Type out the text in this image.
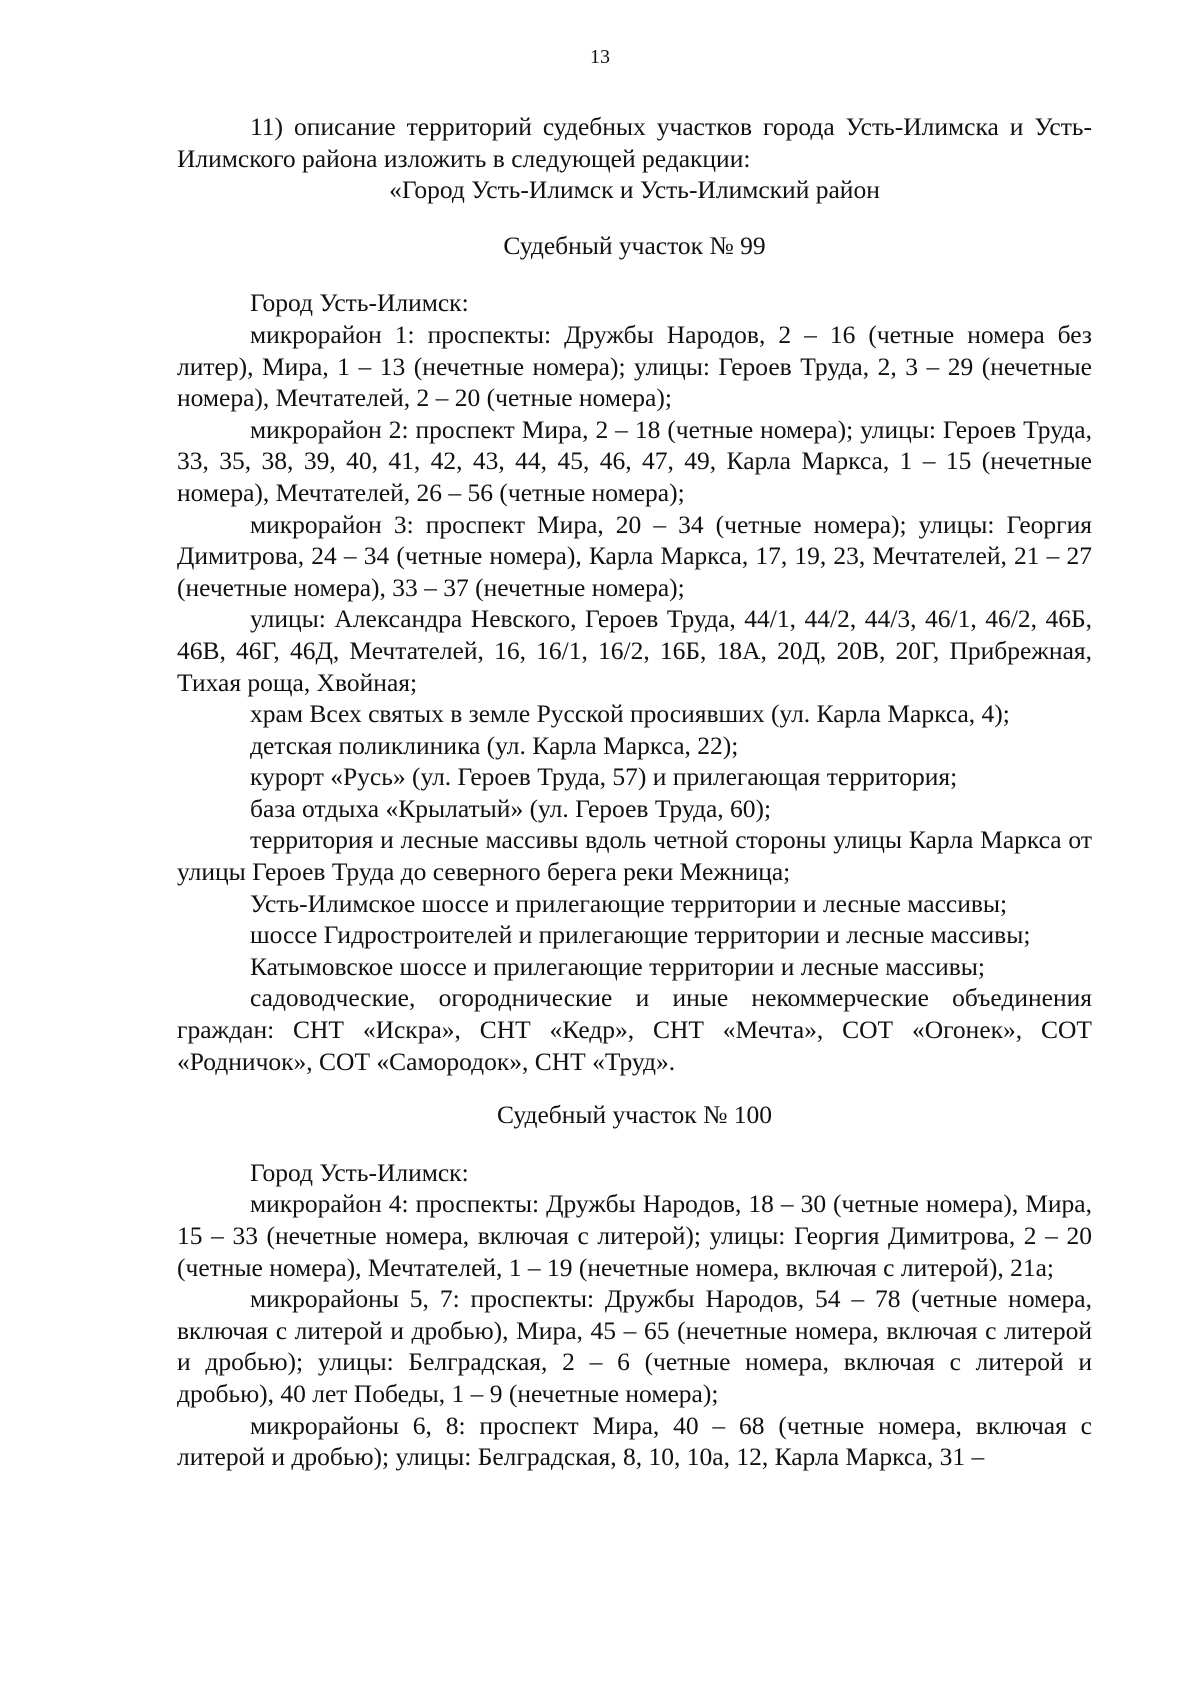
13

11) описание территорий судебных участков города Усть-Илимска и Усть-Илимского района изложить в следующей редакции:

«Город Усть-Илимск и Усть-Илимский район

Судебный участок № 99

Город Усть-Илимск:

микрорайон 1: проспекты: Дружбы Народов, 2 – 16 (четные номера без литер), Мира, 1 – 13 (нечетные номера); улицы: Героев Труда, 2, 3 – 29 (нечетные номера), Мечтателей, 2 – 20 (четные номера);

микрорайон 2: проспект Мира, 2 – 18 (четные номера); улицы: Героев Труда, 33, 35, 38, 39, 40, 41, 42, 43, 44, 45, 46, 47, 49, Карла Маркса, 1 – 15 (нечетные номера), Мечтателей, 26 – 56 (четные номера);

микрорайон 3: проспект Мира, 20 – 34 (четные номера); улицы: Георгия Димитрова, 24 – 34 (четные номера), Карла Маркса, 17, 19, 23, Мечтателей, 21 – 27 (нечетные номера), 33 – 37 (нечетные номера);

улицы: Александра Невского, Героев Труда, 44/1, 44/2, 44/3, 46/1, 46/2, 46Б, 46В, 46Г, 46Д, Мечтателей, 16, 16/1, 16/2, 16Б, 18А, 20Д, 20В, 20Г, Прибрежная, Тихая роща, Хвойная;

храм Всех святых в земле Русской просиявших (ул. Карла Маркса, 4);

детская поликлиника (ул. Карла Маркса, 22);

курорт «Русь» (ул. Героев Труда, 57) и прилегающая территория;

база отдыха «Крылатый» (ул. Героев Труда, 60);

территория и лесные массивы вдоль четной стороны улицы Карла Маркса от улицы Героев Труда до северного берега реки Межница;

Усть-Илимское шоссе и прилегающие территории и лесные массивы;

шоссе Гидростроителей и прилегающие территории и лесные массивы;

Катымовское шоссе и прилегающие территории и лесные массивы;

садоводческие, огороднические и иные некоммерческие объединения граждан: СНТ «Искра», СНТ «Кедр», СНТ «Мечта», СОТ «Огонек», СОТ «Родничок», СОТ «Самородок», СНТ «Труд».

Судебный участок № 100

Город Усть-Илимск:

микрорайон 4: проспекты: Дружбы Народов, 18 – 30 (четные номера), Мира, 15 – 33 (нечетные номера, включая с литерой); улицы: Георгия Димитрова, 2 – 20 (четные номера), Мечтателей, 1 – 19 (нечетные номера, включая с литерой), 21а;

микрорайоны 5, 7: проспекты: Дружбы Народов, 54 – 78 (четные номера, включая с литерой и дробью), Мира, 45 – 65 (нечетные номера, включая с литерой и дробью); улицы: Белградская, 2 – 6 (четные номера, включая с литерой и дробью), 40 лет Победы, 1 – 9 (нечетные номера);

микрорайоны 6, 8: проспект Мира, 40 – 68 (четные номера, включая с литерой и дробью); улицы: Белградская, 8, 10, 10а, 12, Карла Маркса, 31 –
